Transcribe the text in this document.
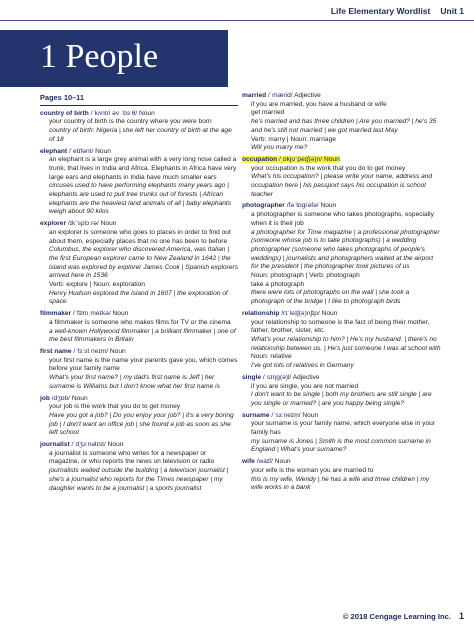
Life Elementary Wordlist Unit 1
1 People
Pages 10–11
country of birth /ˈkʌntri əv ˈbɜːθ/ Noun
your country of birth is the country where you were born
country of birth: Nigeria | she left her country of birth at the age of 18
elephant /ˈelɪfənt/ Noun
an elephant is a large grey animal with a very long nose called a trunk, that lives in India and Africa. Elephants in Africa have very large ears and elephants in India have much smaller ears
circuses used to have performing elephants many years ago | elephants are used to pull tree trunks out of forests | African elephants are the heaviest land animals of all | baby elephants weigh about 90 kilos
explorer /ɪkˈsplɔːrə/ Noun
an explorer is someone who goes to places in order to find out about them, especially places that no one has been to before
Columbus, the explorer who discovered America, was Italian | the first European explorer came to New Zealand in 1642 | the island was explored by explorer James Cook | Spanish explorers arrived here in 1536
Verb: explore | Noun: exploration
Henry Hudson explored the island in 1607 | the exploration of space
filmmaker /ˈfɪlmˌmeɪkə/ Noun
a filmmaker is someone who makes films for TV or the cinema
a well-known Hollywood filmmaker | a brilliant filmmaker | one of the best filmmakers in Britain
first name /ˈfɜːst neɪm/ Noun
your first name is the name your parents gave you, which comes before your family name
What's your first name? | my dad's first name is Jeff | her surname is Williams but I don't know what her first name is
job /dʒɒb/ Noun
your job is the work that you do to get money
Have you got a job? | Do you enjoy your job? | it's a very boring job | I don't want an office job | she found a job as soon as she left school
journalist /ˈdʒɜːnəlɪst/ Noun
a journalist is someone who writes for a newspaper or magazine, or who reports the news on television or radio
journalists waited outside the building | a television journalist | she's a journalist who reports for the Times newspaper | my daughter wants to be a journalist | a sports journalist
married /ˈmærid/ Adjective
if you are married, you have a husband or wife
get married
he's married and has three children | Are you married? | he's 35 and he's still not married | we got married last May
Verb: marry | Noun: marriage
Will you marry me?
occupation /ˌɒkjʊˈpeɪʃ(ə)n/ Noun
your occupation is the work that you do to get money
What's his occupation? | please write your name, address and occupation here | his passport says his occupation is school teacher
photographer /fəˈtɒgrəfə/ Noun
a photographer is someone who takes photographs, especially when it is their job
a photographer for Time magazine | a professional photographer (someone whose job is to take photographs) | a wedding photographer (someone who takes photographs of people's weddings) | journalists and photographers waited at the airport for the president | the photographer took pictures of us
Noun: photograph | Verb: photograph
take a photograph
there were lots of photographs on the wall | she took a photograph of the bridge | I like to photograph birds
relationship /rɪˈleɪʃ(ə)nʃɪp/ Noun
your relationship to someone is the fact of being their mother, father, brother, sister, etc.
What's your relationship to him? | He's my husband. | there's no relationship between us. | He's just someone I was at school with
Noun: relative
I've got lots of relatives in Germany
single /ˈsɪŋɡ(ə)l/ Adjective
if you are single, you are not married
I don't want to be single | both my brothers are still single | are you single or married? | are you happy being single?
surname /ˈsɜːneɪm/ Noun
your surname is your family name, which everyone else in your family has
my surname is Jones | Smith is the most common surname in England | What's your surname?
wife /waɪf/ Noun
your wife is the woman you are married to
this is my wife, Wendy | he has a wife and three children | my wife works in a bank
© 2018 Cengage Learning Inc. 1
